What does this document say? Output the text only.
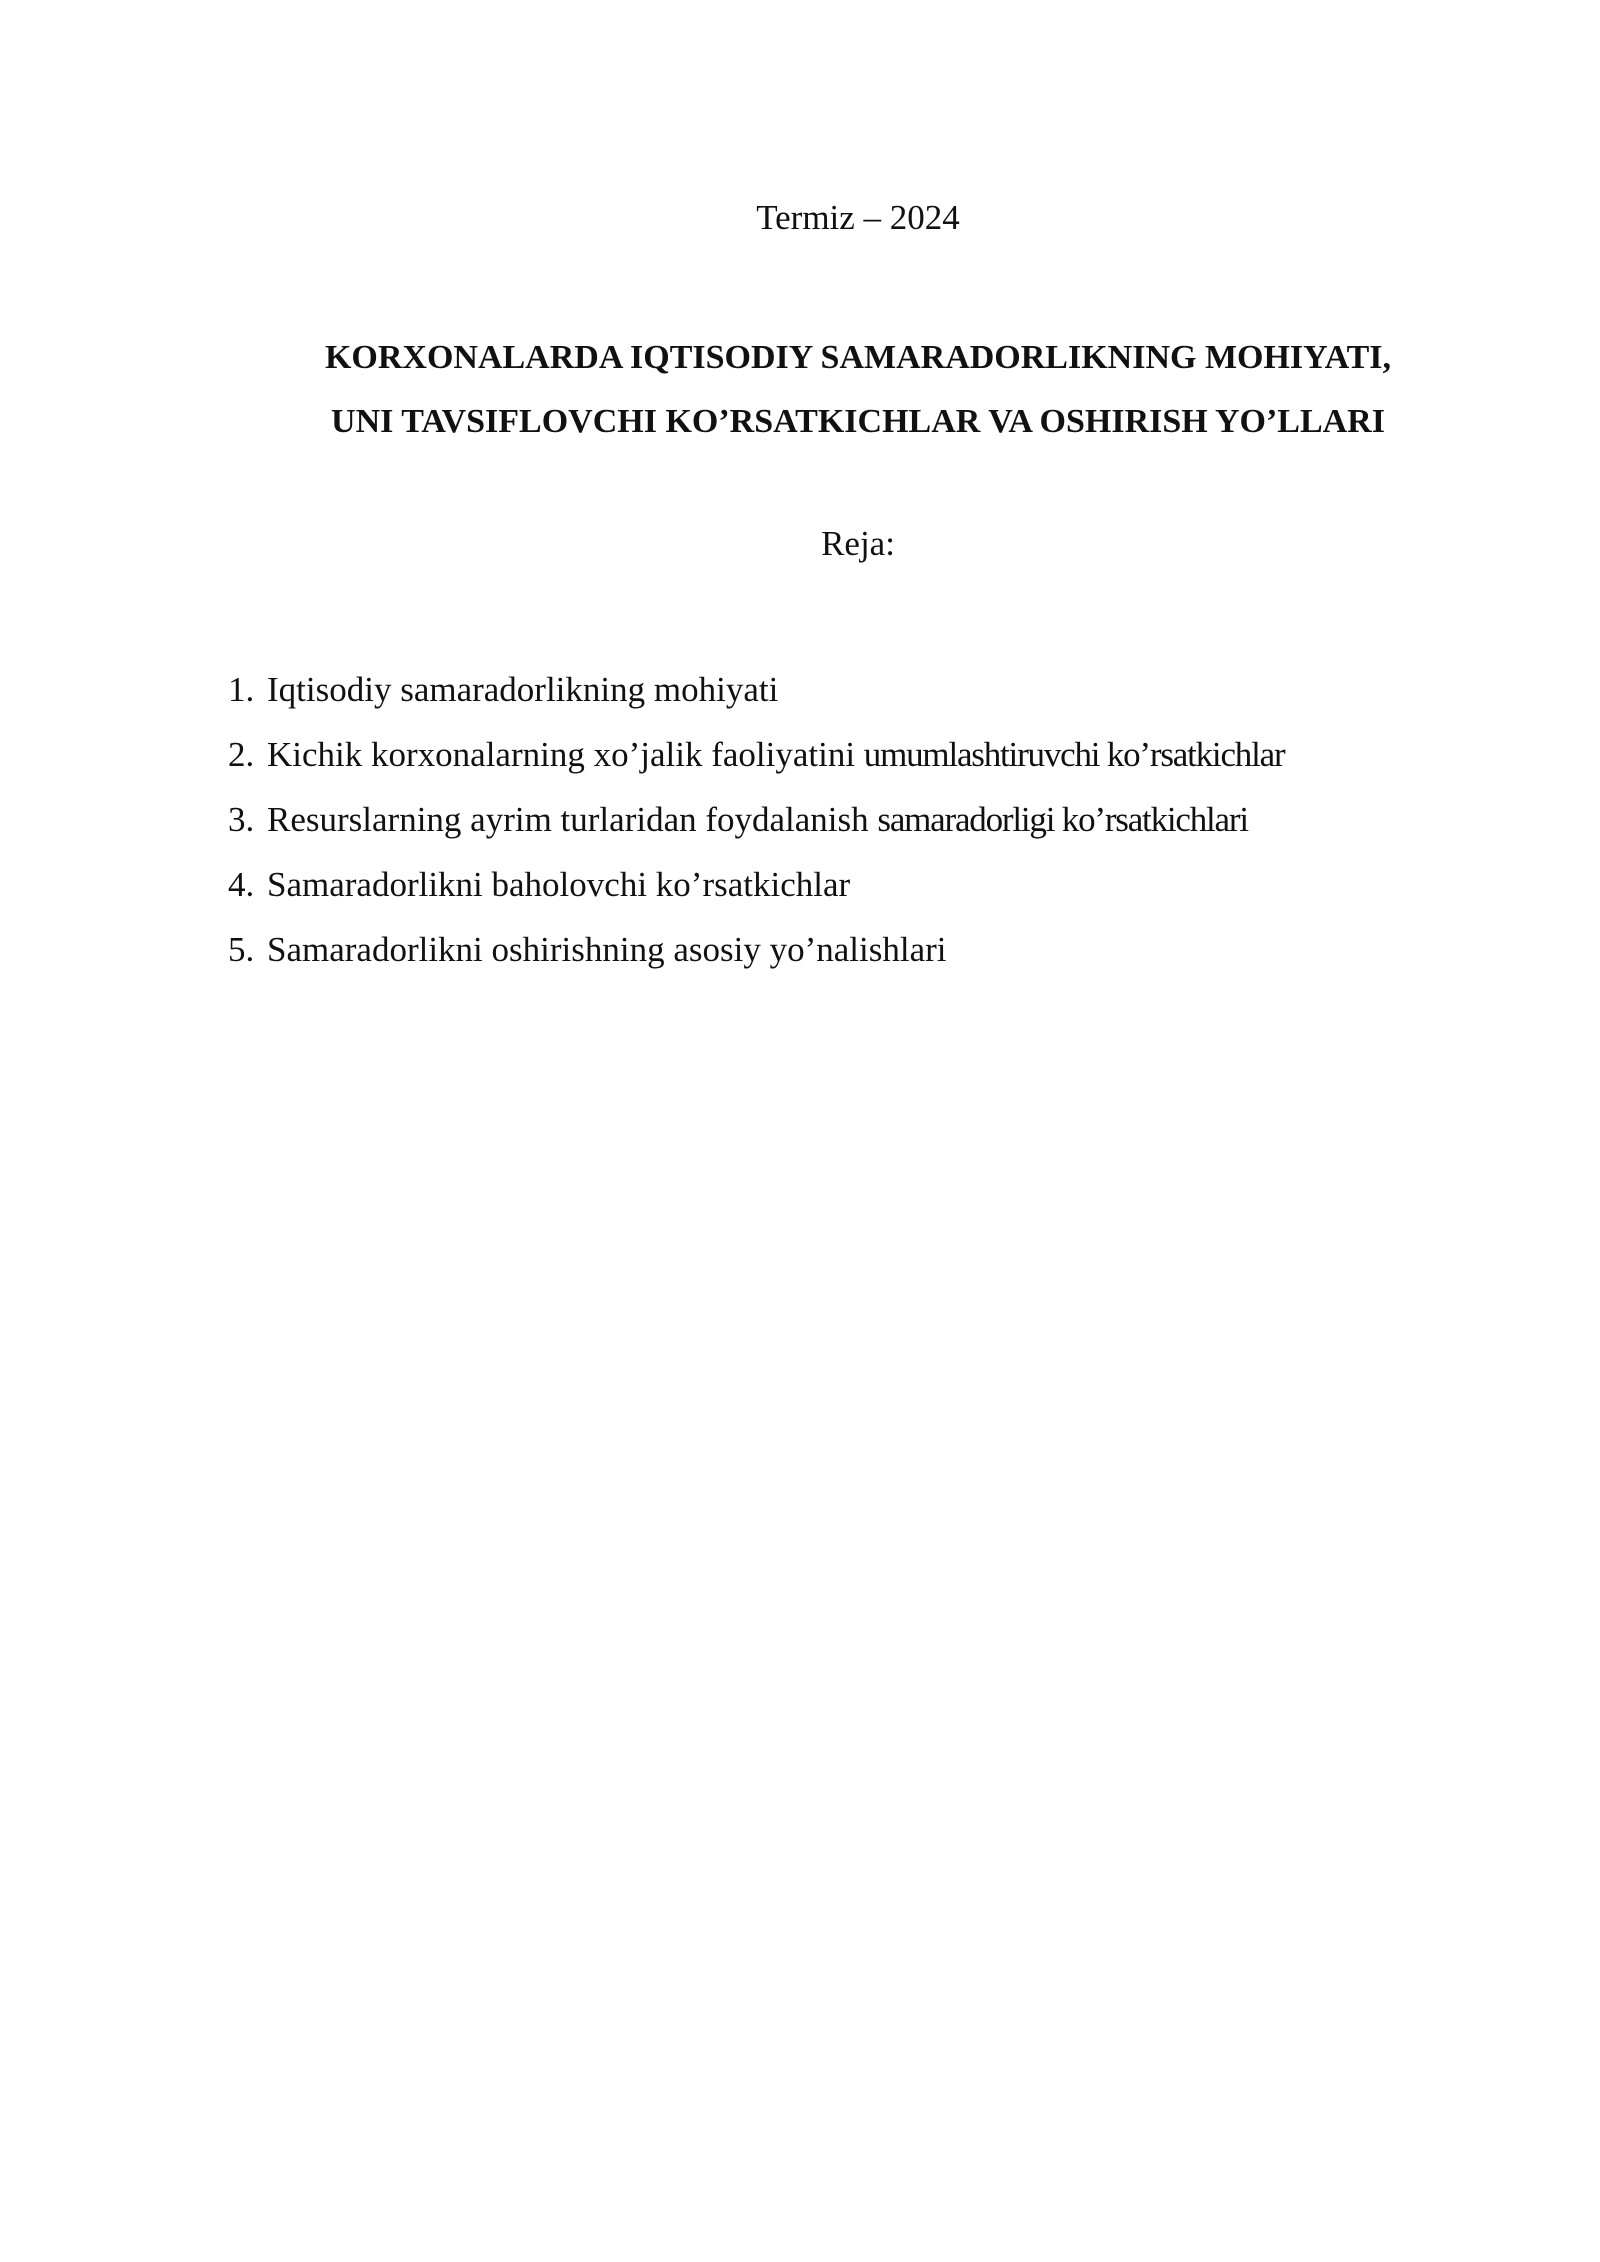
Termiz – 2024
KORXONALARDA IQTISODIY SAMARADORLIKNING MOHIYATI,
UNI TAVSIFLOVCHI KO’RSATKICHLAR VA OSHIRISH YO’LLARI
Reja:
1. Iqtisodiy samaradorlikning mohiyati
2. Kichik korxonalarning xo’jalik faoliyatini umumlashtiruvchi ko’rsatkichlar
3. Resurslarning ayrim turlaridan foydalanish samaradorligi ko’rsatkichlari
4. Samaradorlikni baholovchi ko’rsatkichlar
5. Samaradorlikni oshirishning asosiy yo’nalishlari
